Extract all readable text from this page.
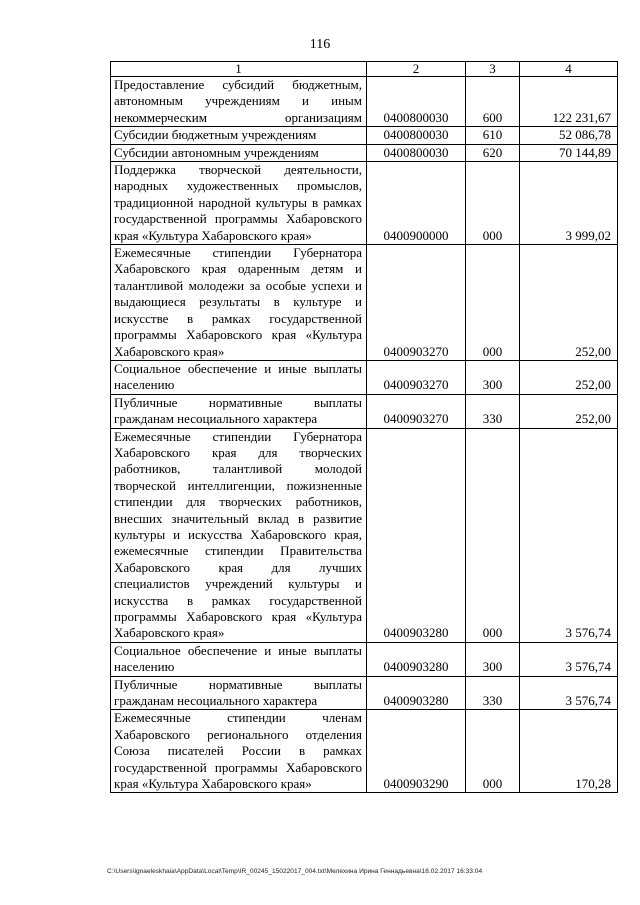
116
1	2	3	4
Предоставление субсидий бюджетным, автономным учреждениям и иным некоммерческим организациям	0400800030	600	122 231,67
Субсидии бюджетным учреждениям	0400800030	610	52 086,78
Субсидии автономным учреждениям	0400800030	620	70 144,89
Поддержка творческой деятельности, народных художественных промыслов, традиционной народной культуры в рамках государственной программы Хабаровского края «Культура Хабаровского края»	0400900000	000	3 999,02
Ежемесячные стипендии Губернатора Хабаровского края одаренным детям и талантливой молодежи за особые успехи и выдающиеся результаты в культуре и искусстве в рамках государственной программы Хабаровского края «Культура Хабаровского края»	0400903270	000	252,00
Социальное обеспечение и иные выплаты населению	0400903270	300	252,00
Публичные нормативные выплаты гражданам несоциального характера	0400903270	330	252,00
Ежемесячные стипендии Губернатора Хабаровского края для творческих работников, талантливой молодой творческой интеллигенции, пожизненные стипендии для творческих работников, внесших значительный вклад в развитие культуры и искусства Хабаровского края, ежемесячные стипендии Правительства Хабаровского края для лучших специалистов учреждений культуры и искусства в рамках государственной программы Хабаровского края «Культура Хабаровского края»	0400903280	000	3 576,74
Социальное обеспечение и иные выплаты населению	0400903280	300	3 576,74
Публичные нормативные выплаты гражданам несоциального характера	0400903280	330	3 576,74
Ежемесячные стипендии членам Хабаровского регионального отделения Союза писателей России в рамках государственной программы Хабаровского края «Культура Хабаровского края»	0400903290	000	170,28
C:\Users\ignaeleskhaia\AppData\Local\Temp\IR_00245_15022017_004.txt\Мелехина Ирина Геннадьевна\16.02.2017 16:33:04
